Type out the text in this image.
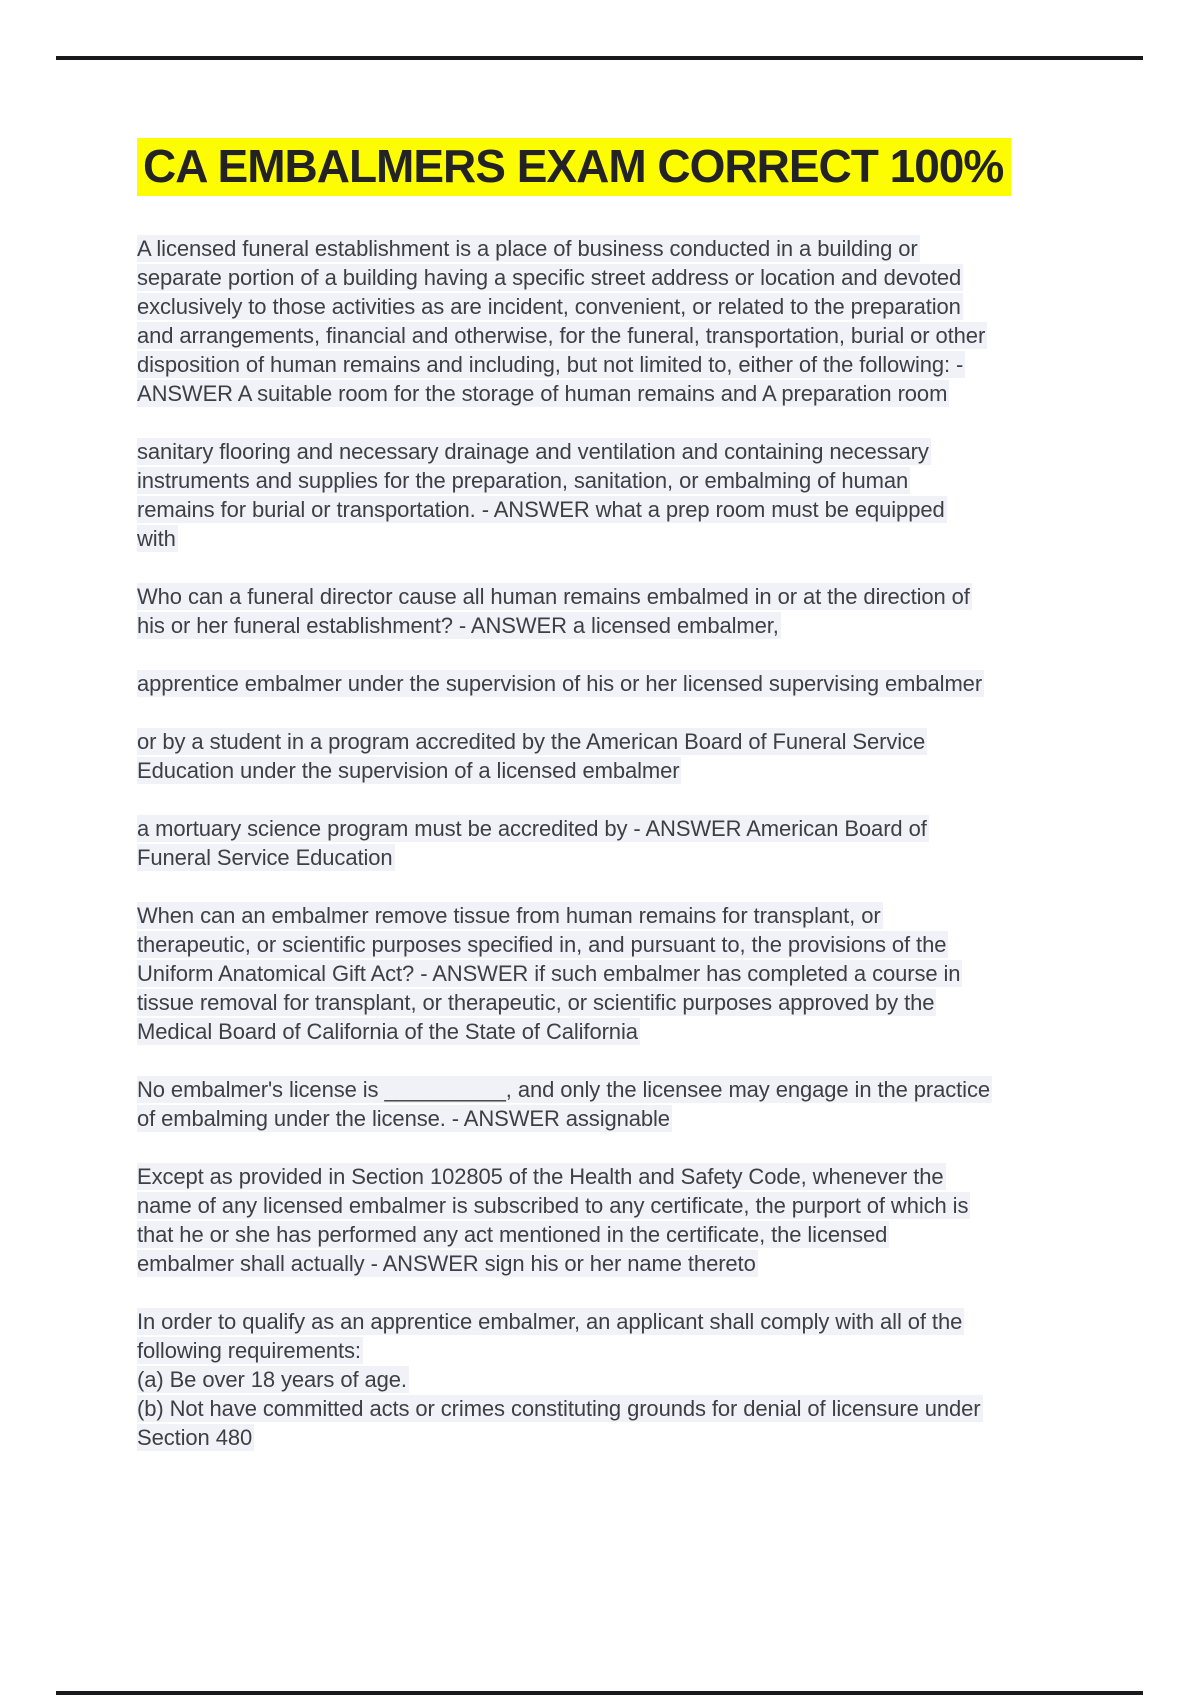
CA EMBALMERS EXAM CORRECT 100%
A licensed funeral establishment is a place of business conducted in a building or
separate portion of a building having a specific street address or location and devoted
exclusively to those activities as are incident, convenient, or related to the preparation
and arrangements, financial and otherwise, for the funeral, transportation, burial or other
disposition of human remains and including, but not limited to, either of the following: -
ANSWER A suitable room for the storage of human remains and A preparation room
sanitary flooring and necessary drainage and ventilation and containing necessary
instruments and supplies for the preparation, sanitation, or embalming of human
remains for burial or transportation. - ANSWER what a prep room must be equipped
with
Who can a funeral director cause all human remains embalmed in or at the direction of
his or her funeral establishment? - ANSWER a licensed embalmer,
apprentice embalmer under the supervision of his or her licensed supervising embalmer
or by a student in a program accredited by the American Board of Funeral Service
Education under the supervision of a licensed embalmer
a mortuary science program must be accredited by - ANSWER American Board of
Funeral Service Education
When can an embalmer remove tissue from human remains for transplant, or
therapeutic, or scientific purposes specified in, and pursuant to, the provisions of the
Uniform Anatomical Gift Act? - ANSWER if such embalmer has completed a course in
tissue removal for transplant, or therapeutic, or scientific purposes approved by the
Medical Board of California of the State of California
No embalmer's license is __________, and only the licensee may engage in the practice
of embalming under the license. - ANSWER assignable
Except as provided in Section 102805 of the Health and Safety Code, whenever the
name of any licensed embalmer is subscribed to any certificate, the purport of which is
that he or she has performed any act mentioned in the certificate, the licensed
embalmer shall actually - ANSWER sign his or her name thereto
In order to qualify as an apprentice embalmer, an applicant shall comply with all of the
following requirements:
(a) Be over 18 years of age.
(b) Not have committed acts or crimes constituting grounds for denial of licensure under
Section 480
